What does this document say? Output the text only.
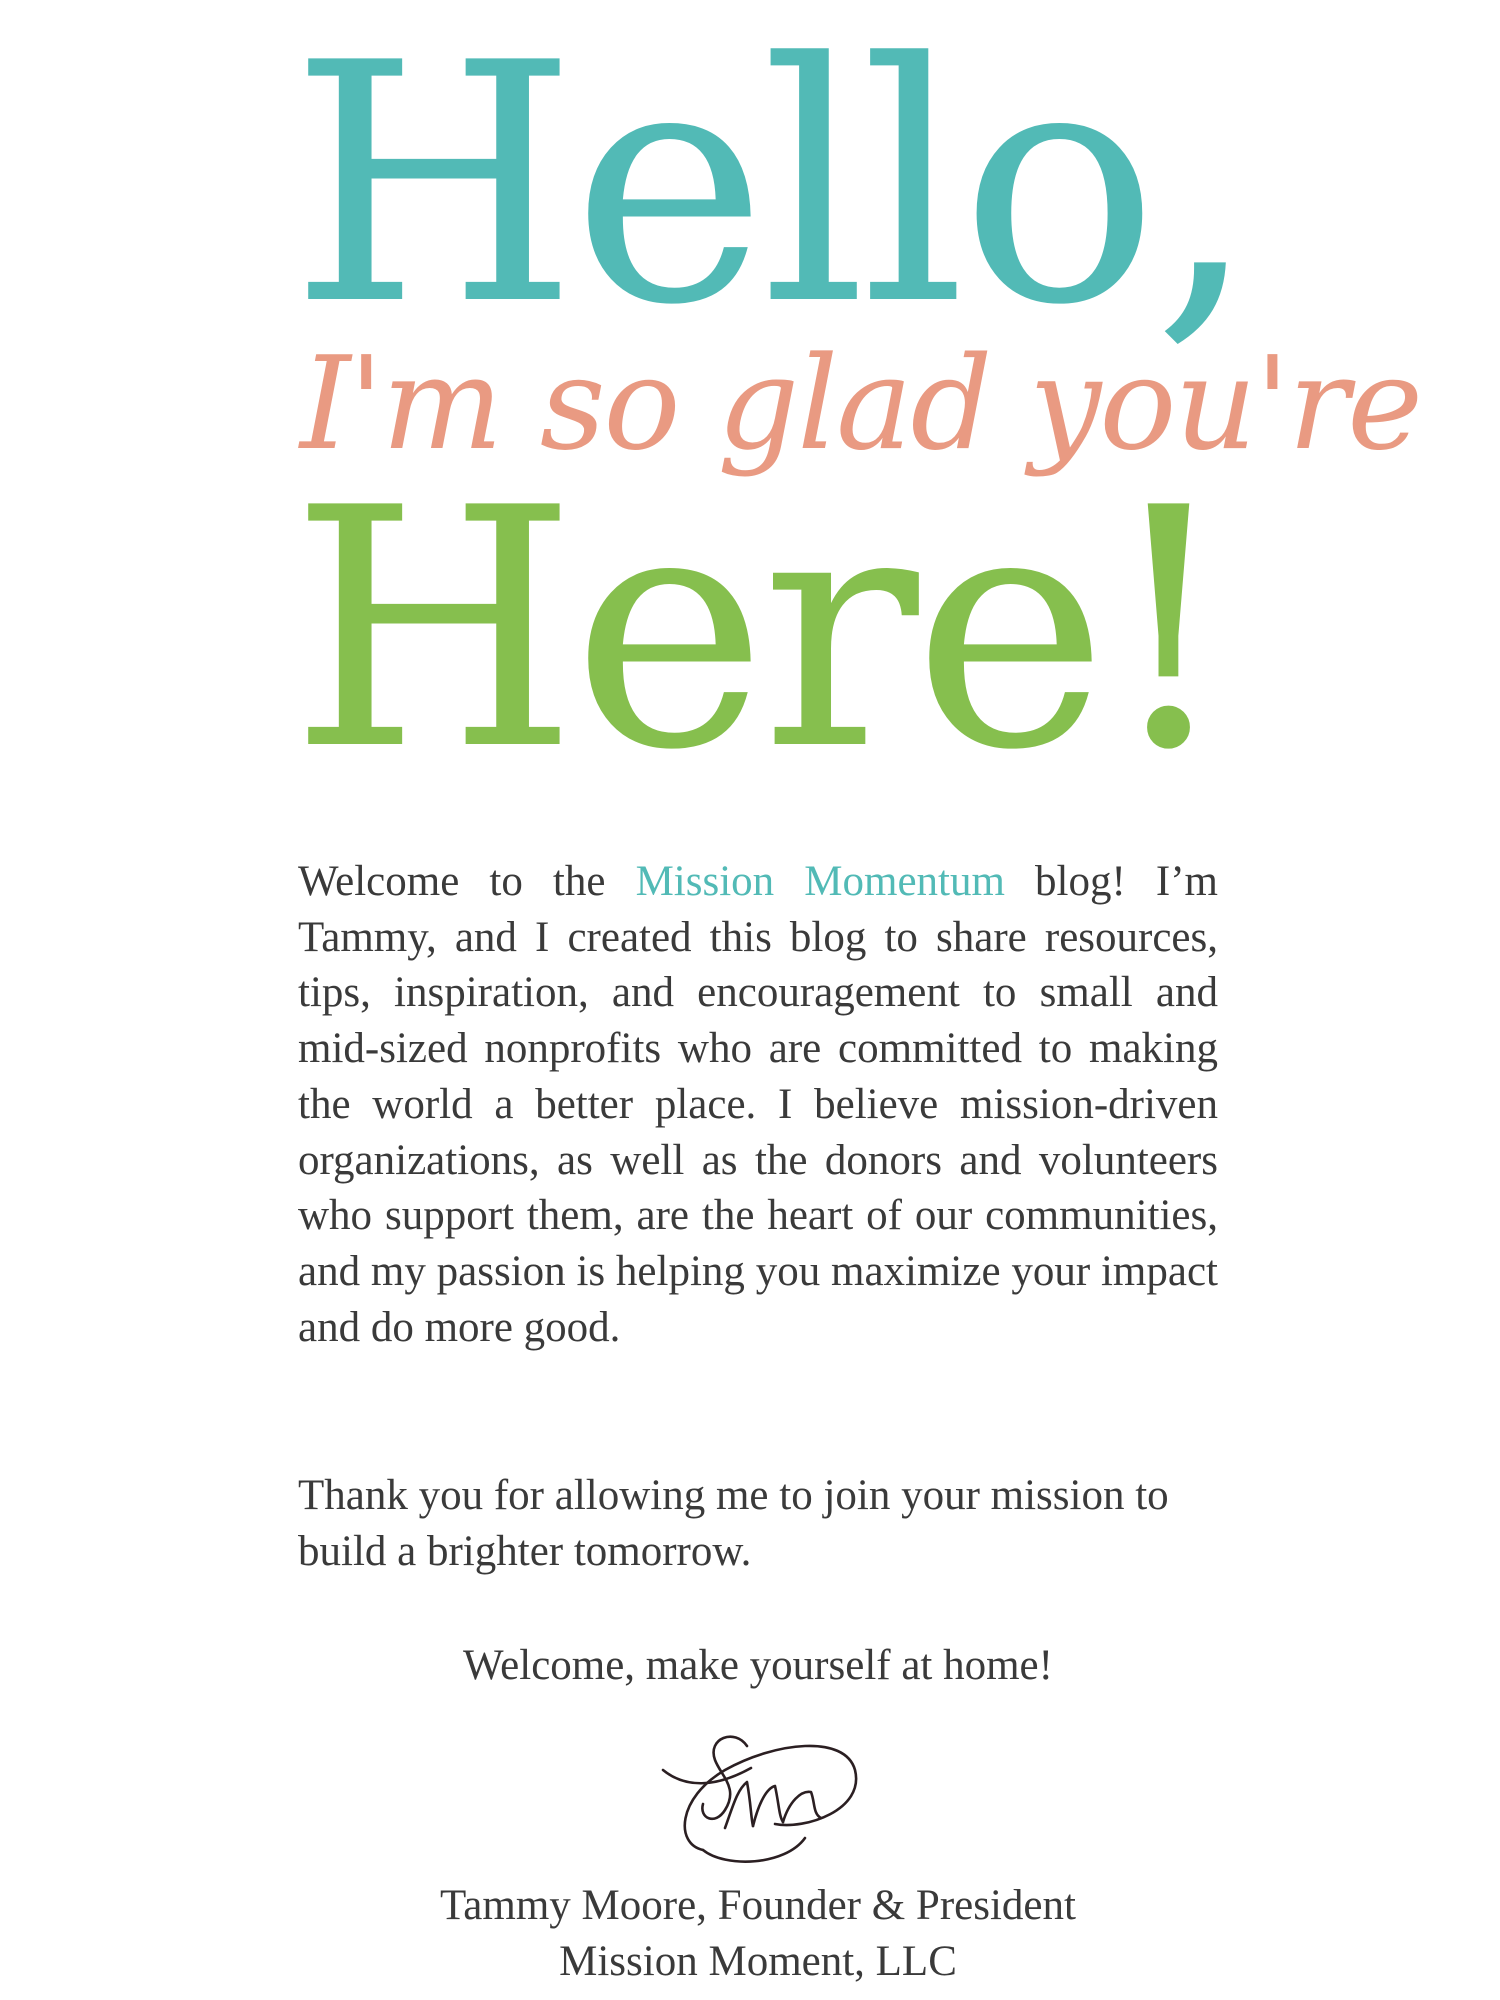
Hello,
I'm so glad you're
Here!

Welcome to the Mission Momentum blog! I’m Tammy, and I created this blog to share resources, tips, inspiration, and encouragement to small and mid-sized nonprofits who are committed to making the world a better place. I believe mission-driven organizations, as well as the donors and volunteers who support them, are the heart of our communities, and my passion is helping you maximize your impact and do more good.

Thank you for allowing me to join your mission to build a brighter tomorrow.

Welcome, make yourself at home!

Tammy Moore, Founder & President

Mission Moment, LLC
